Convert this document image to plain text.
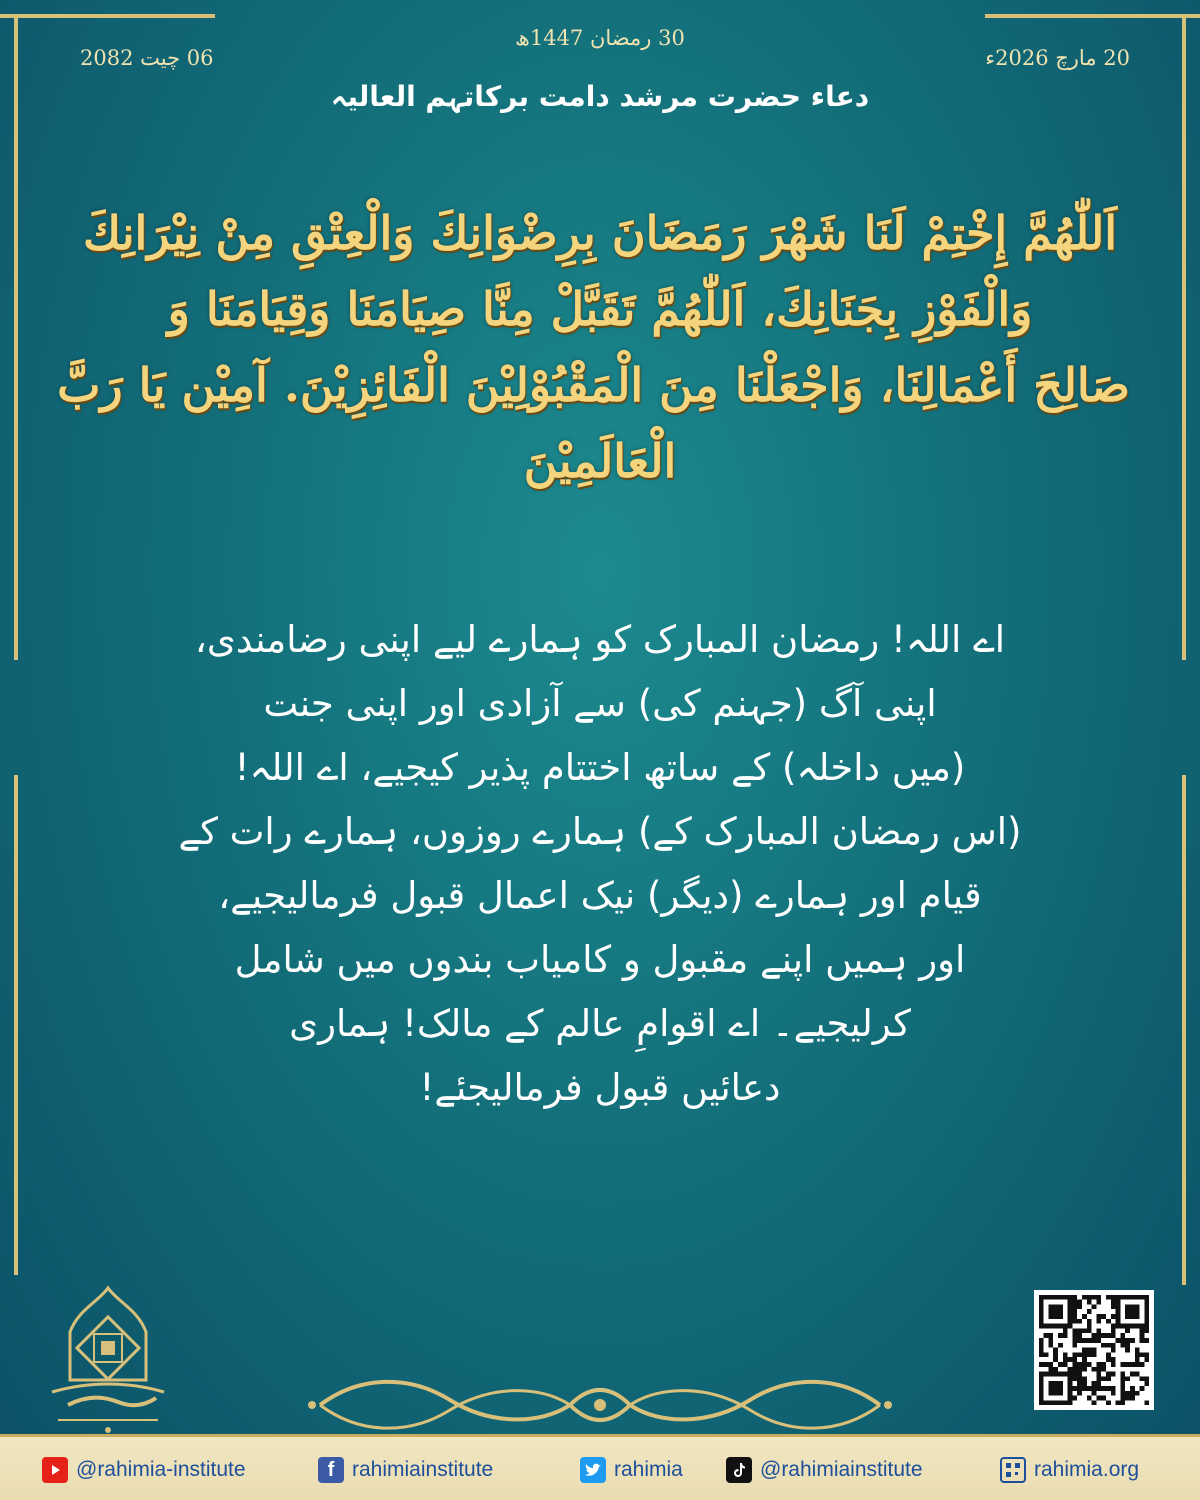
30 رمضان 1447ھ
20 مارچ 2026ء
06 چیت 2082
دعاء حضرت مرشد دامت برکاتہم العالیہ
اَللّٰهُمَّ إِخْتِمْ لَنَا شَهْرَ رَمَضَانَ بِرِضْوَانِكَ وَالْعِتْقِ مِنْ نِيْرَانِكَ
وَالْفَوْزِ بِجَنَانِكَ، اَللّٰهُمَّ تَقَبَّلْ مِنَّا صِيَامَنَا وَقِيَامَنَا وَ
صَالِحَ أَعْمَالِنَا، وَاجْعَلْنَا مِنَ الْمَقْبُوْلِيْنَ الْفَائِزِيْنَ. آمِيْن يَا رَبَّ
الْعَالَمِيْنَ
اے اللہ! رمضان المبارک کو ہمارے لیے اپنی رضامندی،
اپنی آگ (جہنم کی) سے آزادی اور اپنی جنت
(میں داخلہ) کے ساتھ اختتام پذیر کیجیے، اے اللہ!
(اس رمضان المبارک کے) ہمارے روزوں، ہمارے رات کے
قیام اور ہمارے (دیگر) نیک اعمال قبول فرمالیجیے،
اور ہمیں اپنے مقبول و کامیاب بندوں میں شامل
کرلیجیے۔ اے اقوامِ عالم کے مالک! ہماری
دعائیں قبول فرمالیجئے!
@rahimia-institute	f rahimiainstitute	rahimia	@rahimiainstitute	rahimia.org
